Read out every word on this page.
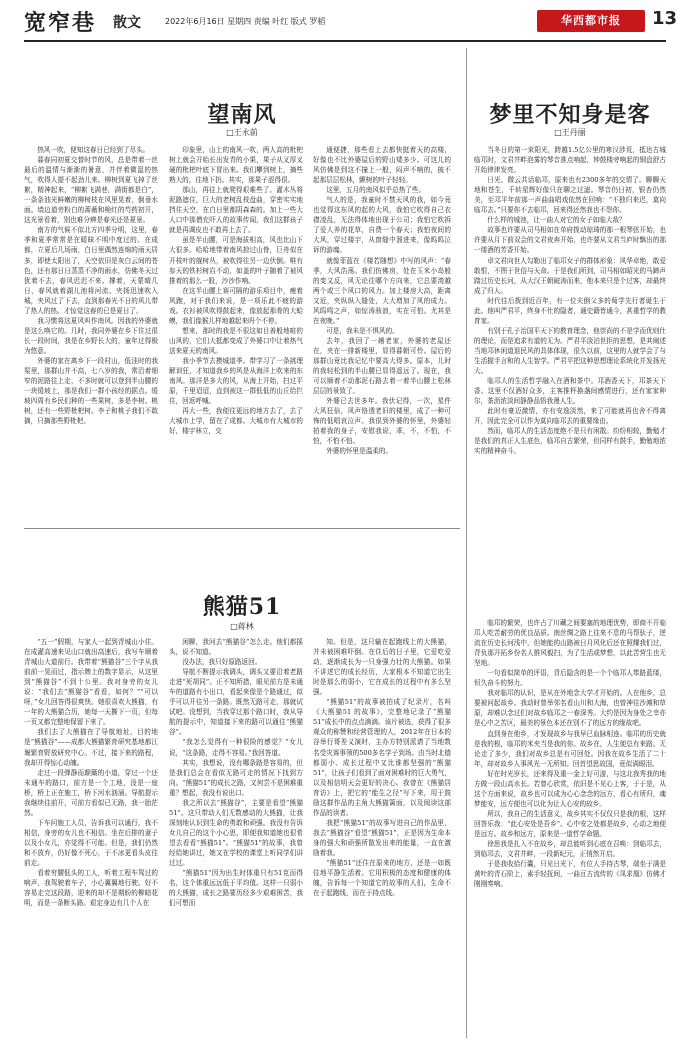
宽窄巷 散文	2022年6月16日 星期四 责编 叶红 版式 罗稻	华西都市报	13
望南风
□王永前

热风一吹，便知这春日已经到了尽头。

暮春同初夏交替时节的风，总是带着一丝最后的温情与渐渐的暑意，并伴着微湿的热气，吹得人提不起劲儿来。柳树到夏飞掉了丝絮，精神起来，“柳絮飞满巷，满街都是白”，一条条油光鲜嫩的柳树枝在风里晃着，倒垂水面。墙边道旁粉白的蔷薇和桅红的芍药初开，这光景看着，别也难分辨是春光还是夏景。

南方的气候不似北方四季分明，这里，春季和夏季常常是在暖昧不明中度过的。在成都，立夏后几场雨，白日里偶然连绵的雨天居多，即使太阳出了，天空依旧是灰白云间的苍色，还有那日日蒸蒸不净的雨水，仿佛冬天过犹着不去，春风迟迟不来。撑着，天蒙晴几日，春风就着湖儿池将河流、夹扬迅速吹入城，夹风过了下去，直到那春光不日的风儿带了热人的热。才惊觉这春的已是夏日了。

我习惯将这夏风叫作南风。因我的外婆就是这么唤它的。几时，我同外婆在乡下住过很长一段时间，我是在乡野长大的，童年过得极为悠意。

外婆的家在离乡下一段村山，低洼时的我渠里，那群山并不高，七八岁的我，常沿着细窄的泥路往上走，不多时就可以登到半山腰的一块缓坡上，那是我们一群小孩经的据点。缓坡四周有乡民们种的一些果树，多是李树、桃树，还有一些野枇杷树。李子和桃子我们不敢摘，只摘那些野枇杷。

印象里，山上的南风一吹，两人高的枇杷树上就会开始长出发青的小果，果子从叉厚叉硬的枇杷叶底下冒出来。我们攀到树上，摘些熟大的，往地下扔。其实，那果子涩得很。

那山，再往上就爬得艰难些了。灌木丛将泥路遮住，巨大的老树乱枝盘曲，穿密实实地挡住天空，在白日里都阴森森的。加上一些大人口中那僧充吓人的故事传闻，我们这群孩子就是再调皮也不敢再上去了。

虽是半山腰，可是海拔相高，风也比山下大很多。哈哈地带着南风掠过山脊，巨舟似在开枝叶的舰树丛，被吹得往另一边伏倒。唯有参天的铁杉树岿不动，如盖的叶子随着了被风推着的那么一股，沙沙作响。

在这半山腰上赛可隔的游乐项目中，瘦着风跑，对于我们来说，是一项乐此不疲的游戏。衣衫被风吹得鼓起来，像放起那骨的大蛤蟆，我们像猴儿样地越起来吗个不停。

想来，那时的我是不很这如目善般地喧的山风的，它们大抵都变成了外婆口中让着热气送来夏天的南风。

我小季节去摸城道季。带学习了一条挑理解训狂，才知道我乡的风是从海洋上吹来的东南风。那洋是多大的风，从海上开始，扫过平原，千里迢迢，直到被这一群低低的山丘给拦住，回返呼喊。

再大一些，我便往更远的地方去了，去了大城市上学，留在了成都。大城市有大城市的好，楼宇林立，交

通便捷，那些看上去都快挺着天的高楼，好像也不比外婆屋后的野山矮多少。可这儿的风仿佛是到这不撞上一般，闷声不响的，披不起那层层松林，颤树的叶子轻轻。

这里，五月的南风似乎总热了些。

气人的是，我童时不禁天风的我，如今竟也觉得这东风的起的大风，我怕它吹得自己衣襟凌乱，无法得体地出现于公司；我怕它吹拆了爱人养的花草，自费一个春天；我怕夜间的大风，穿过楼宇，从窗缝中溜进来，像呜呜泣诉的游魂。

就像菲蓝在《楼若随想》中写的风声：“春季，大风浩荡。我们仿佛房，处在玉米小岛般的变又反，风无论往哪个方向来，它总要湾越两个或三个风口的风力。加上楼房大高，距离又近，夹纵纵入缝处，大大增加了风的成力。风呜鸣之声，如惊涛骇浪，实在可怕。尤其是在夜晚。”

可是，我未是不惧风的。

去年，我回了一趟老家，外婆的老屋还在，夹在一排新楼里，显得暮朝可怜。屋后的那群山竟比我记忆中要高大得多。原本，儿时的我轻松到的半山腰已显得遥远了。现在，我可以顺着不动那泥石路去着一着半山腰上松林层层的景致了。

外婆已去世多年。我伏记得，一次，星件大风狂倍，风声铬透老旧的楼里，成了一种可怖的低唱哀泣声。我很到外婆的怀里，外婆轻拍着我的身子，安慰我说，乖，不，不怕，不怕，不怕不怕。

外婆的怀里是温柔的。

熊猫51
□蒋林

“五一”假期，与家人一起到青城山小住。在成灌高速来见山口就出高速后，我写车顺着青城山大道前行。我带着“熊猫谷”三个字从我前前一晃而过，指示牌上的数字显示，从这里到“熊猫谷”不到十公里。我对身旁的女儿说：“我们去“熊猫谷”看看，如何？”“可以呀，”女儿回答得很爽快。她很喜欢大熊猫，有一年的大熊猫合历，她每一天撕下一页，但每一页又都完整地保留下来了。

我们去了大熊猫在了导航地址，目的地是“熊猫谷”——成都大熊猫繁育研究基地都江堰繁育野放研究中心。不过，接下来的路程，我却开得惊心动魄。

走过一段弹静而颠簸的小道，穿过一个还未通车的路口，前方是一个工地，没是一座桥，桥上正在施工，桥下河水汹涌。导航提示我继续往前开，可前方看似已无路，我一胎茫然。

下车问施工人员，告诉我可以通行，我不相信，身旁的女儿也不相信。坐在后排的妻子以及小女儿，亦觉得不可能。但是，我们仍然和不放弃，仍好像不死心，于不冰更看头皮往前走。

看着穷腰低头的工人，听着工程车驾过的响声，我驾驶着车子，小心翼翼地行驶。好不容易走完这段路，迎来的却不是期盼的柳暗花明，而是一条断头路。艰定身边有几个人在

闲聊，我问去“熊猫谷”怎么走。他们都摇头，说不知道。

没办法，我只好原路返回。

导航不断提示我调头，调头又要沿着老路走进“死胡同”。正不知所措，眼见前方是未通车的道路有小出口，看起来像是个路通过，似乎可以开往另一条路。既然无路可走，那就试试吧。没想到，当我穿过那个路口时，我从导航的提示中，知道接下来的路可以通往“熊猫谷”。

“我怎么觉得有一种很险的感觉？”女儿说，“这条路，走得不容易。”我回答道。

其实，我想说，没有哪条路是容易的，但是我们总会在看似无路可走的情况下找到方向。“熊猫51”的成长之路，又何尝不是困难重重？想起，我没有说出口。

我之所以去“熊猫谷”，主要是看望“熊猫51”。这只带动人们无数感动的大熊猫，让我深刻地认识到生命的勇敢和顽强。我没有告诉女儿自己的这个小心思，即便我知道她也很希望去看看“熊猫51”。“熊猫51”的故事，我曾经给她讲过，她又在学校的课堂上听同学们讲过过。

“熊猫51”因为出生时体重只有51克而得名，这个体重远远低于平均值。这样一只弱小的大熊猫，成长之路要历经多少艰难困苦，我们可想而

知。但是，这只输在起跑线上的大熊猫，并未被困难吓倒。在住后的日子里，它爱吃爱动，逐渐成长为一只身强力壮的大熊猫。如果不讲述它的成长经历，大家根本不知道它出生时是那么的弱小，它在成长的过程中有多么坚强。

“熊猫51”的故事被拍成了纪录片，名叫《大熊猫51 的故事》，完整地记录了“熊猫51”成长中的点点滴滴。该片被选，获得了很多观众的称赞和经营管理的人，2012年在日本的谷举行哥差义演时，主办方特别派请了当地数名受灾赛事领的500多名学子到场。由当时北德都弱小、成长过程中又比谁都坚强的“熊猫51”，让孩子们看到了面对困难时的巨大勇气，以及相信明天会更好的决心。我曾在《熊猫居育访》上，把它的“能生之径”写下来，用于鼓励这群作品的主角大熊猫篱面，以及阅读这部作品的读者。

我把“熊猫51”的故事写进自己的作品里，我去“熊猫谷”看望“熊猫51”，正是因为生命本身的强大和顽强所散发出来的能量，一直在激励着我。

“熊猫51”还住在原来的地方，还是一如既往地平静生活着。它用积极的态度和健康的体魄，告诉每一个知道它的故事的人们，生命不在于起跑线，而在于持点线。

梦里不知身是客
□王丹丽

当冬日的第一束阳光，跨越1.5亿公里的寒汉涉荒，抵达古城临邛时，文君井畔泡雾的琴音准点响起，钟鼓楼旁响起的钢盘舒古开始律律发亮。

日光、微云共话临邛，原来也有2300多年的交情了。聊聊天地和苍生，千转星辉好像只在聊之过滤。琴音仍日初，银杏仍然美，至邛平年前那一声曲曲唱戏依然在回响：“不独归来迟，莫向临邛去。”只要你不去临邛，回来得还然我也不怨你。

什么样的城池，让一曲人对它的女子如临大敌？

故事也许要从司马相如在单府拨动琼琦的那一根琴弦开始，也许要从月下前双会的文君夜奔开始，也许要从文君当庐时飘出的那一缕酒的芳香开始。

卓文君向世人勾勒出了临邛女子的群体形象：风华卓绝，敢爱敢恨，不图于世俗与天命。于是我们所到，司马相如昭光的马蹄声踏过历史长河，从大汉王朝破涛而来，他本来只是个过客，却最终成了归人。

时代往后拨到近百年，有一位夫倒父多的萄学先行者诞生于此。他叫严君平，终身不仕的隐者，通史籍皆通今，甚重哲学的教育家。

有别于孔子治国平天下的教育理念，他崇尚的不是学而优则仕的理论，而是追求有道的无为。严君平淡泊世拒的思想，是其阐述当地邛休闲道退民风的具体体现，很久以前，这里的人就学会了与生活握手言和的人生智学。严君平把这种思想理论系统化并发扬光大。

临邛人的生活哲学融入在酒和茶中。邛酒香天下，邛茶天下香。这里不仅酒好众多，主客推杯换盏间感情进行，还有家家种尔，茶沥浓淡间静静品悟我漫人生。

此时有豪迈激情，亦有安逸淡然，来了可能就再也舍不得离开，因此完全可以作为莫向临邛去的重要缘由。

然而，临邛人的生活态度绝不是只有闲散。纷纷相较，勤勉才是我们的真正人生底色，临邛自古繁荣，但同样有鼓手，勤勉地浓实的精神奋斗。

临邛的繁荣，也许占了川藏之间要塞的地理优势，即商不开临邛人吃苦耐劳的优良品质。南丝绸之路上往来不息的马帮驮子，逆流在历史长河浅中，但她能的山路被日月风化后还在照耀我们过，背负那开拓乡份名人推风毅扫，为了生活或梦想，以此苦营生也无坚地。

一句看似简单的评语，背后隐含的是一个个临邛人筚路蓝缕，恒久奋斗的努力。

我对临邛的认识，是从在外地念大学才开始的。人在他乡，总要被问起故乡。我动时曾举邻名看山川和大海，也曾神往沙滩和草原，却难以念过们对故乡临邛之一春深秀。大约是因为身处之幸亦是心中之苦区，最美的景色本还在别不了的远方的缘故吧。

直到身在他乡，才发现故乡与我早已血脉相连。临邛的历史就是我的根，临邛的米夹当是我的你。故乡在，人生便总有来路。无论走了多少，我们对故乡总是有可回处。因我在故乡生活了二十年，却对故乡人事风光一无所知。回首望思故国，竟似满眼泪。

好在时光岁长，还来得及重一金上好可游，与这北我秀我的地方做一段山高水长。若曾心欣赏，依旧是不见心上客，于于是，从这个方面来说，故乡也可以成为心心念念的远方，看心有所归，魂梦能安，远方便也可以化为让人心安的故乡。

所以，我自己的生活意义，故乡其实不仅仅只是我的根，这样回答乐我：“此心安处是吾乡”。心中安之处都是故乡，心动之地便是远方。故乡和远方，原来是一道哲学命题。

徐思我是扎入不在故乡，却总能听到心底在召唤：到临邛去，到临邛去，文君井畔，一段新纪元，正悄然开启。

于是我收拾行囊，只见日光下，有位人手持古琴，端坐于满是黄叶的青石阶上，素手轻抚间，一曲亘古流传的《凤求凰》仿佛才刚刚奏响。
